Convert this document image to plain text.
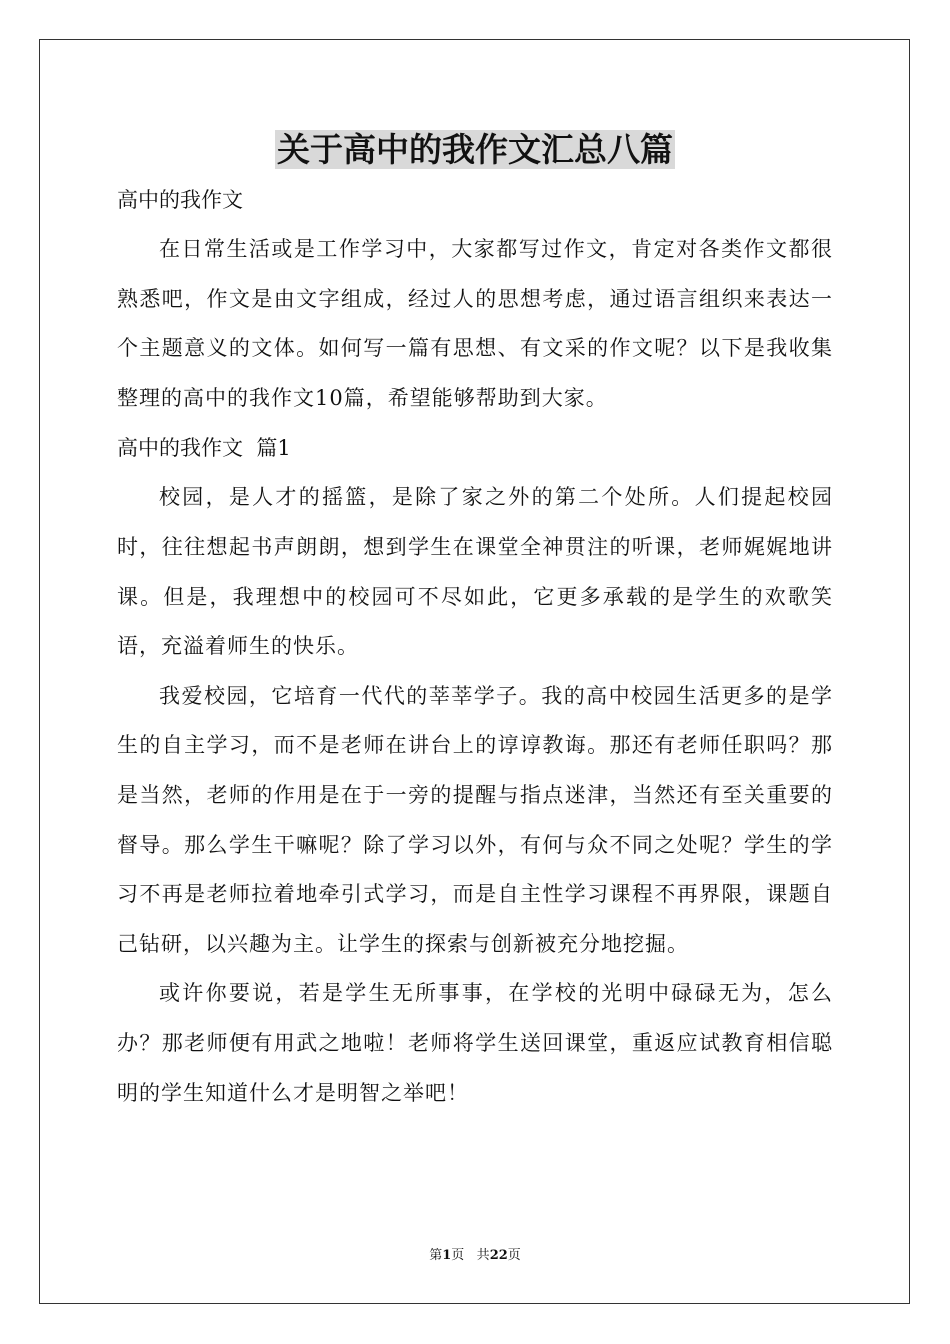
关于高中的我作文汇总八篇
高中的我作文

在日常生活或是工作学习中，大家都写过作文，肯定对各类作文都很熟悉吧，作文是由文字组成，经过人的思想考虑，通过语言组织来表达一个主题意义的文体。如何写一篇有思想、有文采的作文呢？以下是我收集整理的高中的我作文10篇，希望能够帮助到大家。

高中的我作文  篇1

校园，是人才的摇篮，是除了家之外的第二个处所。人们提起校园时，往往想起书声朗朗，想到学生在课堂全神贯注的听课，老师娓娓地讲课。但是，我理想中的校园可不尽如此，它更多承载的是学生的欢歌笑语，充溢着师生的快乐。

我爱校园，它培育一代代的莘莘学子。我的高中校园生活更多的是学生的自主学习，而不是老师在讲台上的谆谆教诲。那还有老师任职吗？那是当然，老师的作用是在于一旁的提醒与指点迷津，当然还有至关重要的督导。那么学生干嘛呢？除了学习以外，有何与众不同之处呢？学生的学习不再是老师拉着地牵引式学习，而是自主性学习课程不再界限，课题自己钻研，以兴趣为主。让学生的探索与创新被充分地挖掘。

或许你要说，若是学生无所事事，在学校的光明中碌碌无为，怎么办？那老师便有用武之地啦！老师将学生送回课堂，重返应试教育相信聪明的学生知道什么才是明智之举吧！

第1页 共22页
